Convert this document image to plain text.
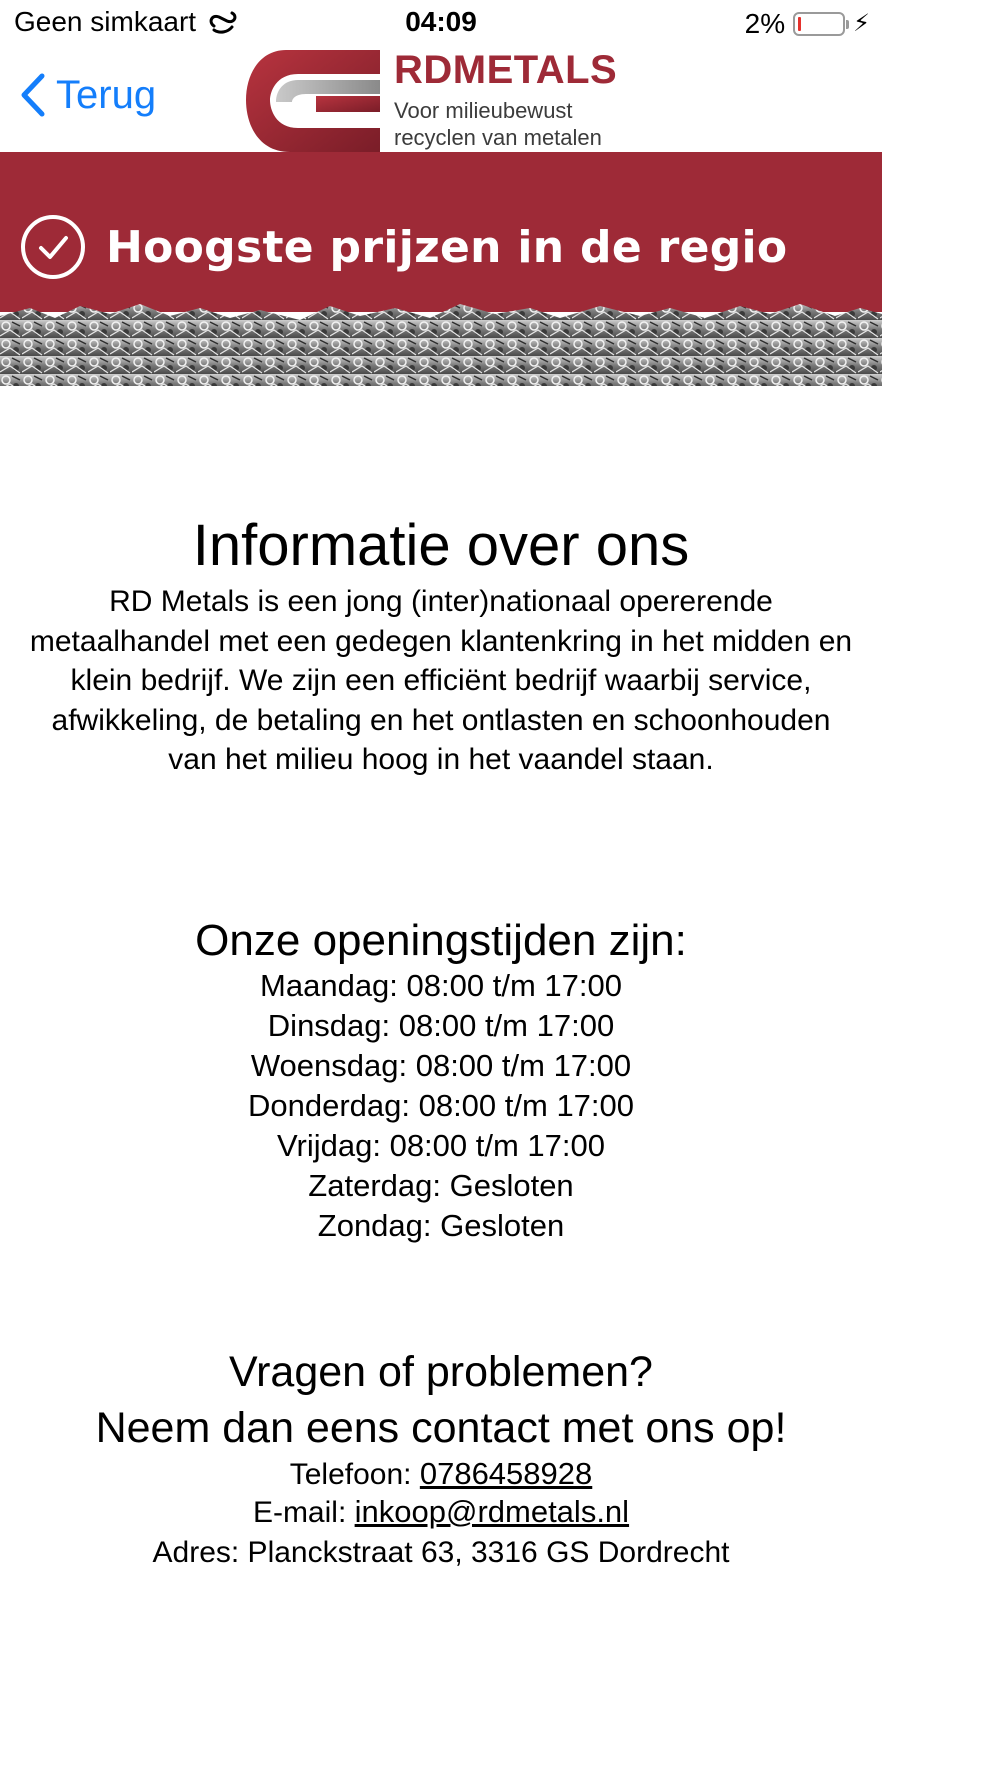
Geen simkaart	04:09	2%	⚡
Terug
RDMETALS
Voor milieubewust
recyclen van metalen
Hoogste prijzen in de regio
Informatie over ons
RD Metals is een jong (inter)nationaal opererende metaalhandel met een gedegen klantenkring in het midden en klein bedrijf. We zijn een efficiënt bedrijf waarbij service, afwikkeling, de betaling en het ontlasten en schoonhouden van het milieu hoog in het vaandel staan.
Onze openingstijden zijn:
Maandag: 08:00 t/m 17:00
Dinsdag: 08:00 t/m 17:00
Woensdag: 08:00 t/m 17:00
Donderdag: 08:00 t/m 17:00
Vrijdag: 08:00 t/m 17:00
Zaterdag: Gesloten
Zondag: Gesloten
Vragen of problemen?
Neem dan eens contact met ons op!
Telefoon: 0786458928
E-mail: inkoop@rdmetals.nl
Adres: Planckstraat 63, 3316 GS Dordrecht
